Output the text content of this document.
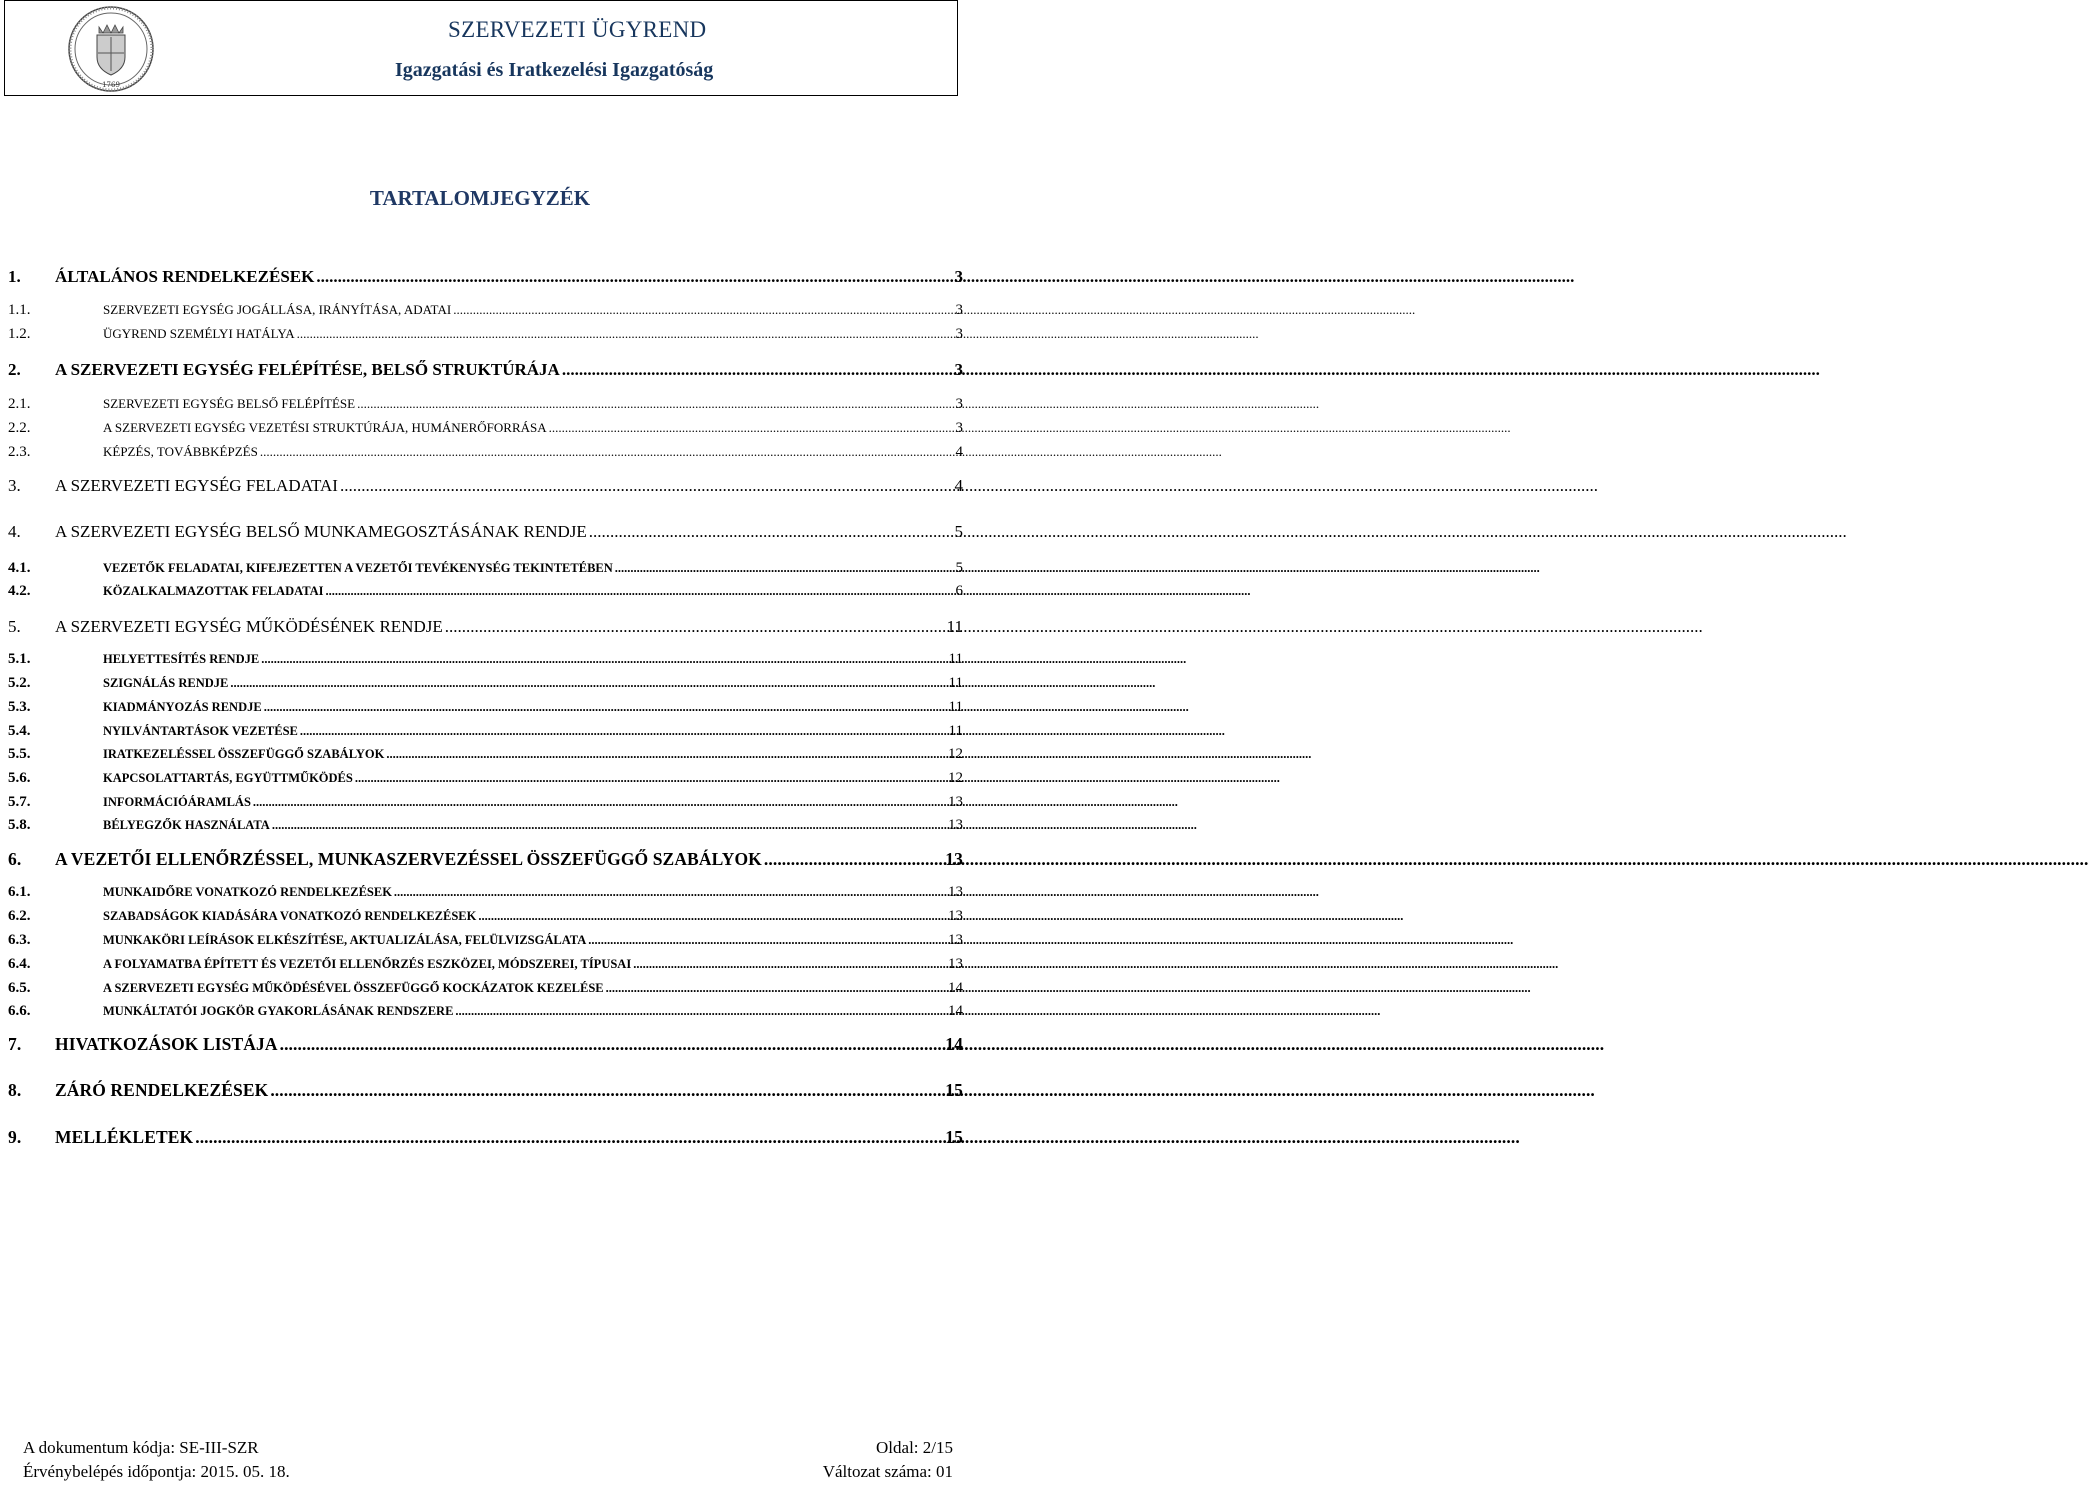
1769
SZERVEZETI ÜGYREND
Igazgatási és Iratkezelési Igazgatóság
TARTALOMJEGYZÉK
1.	ÁLTALÁNOS RENDELKEZÉSEK .....	3
1.1.	SZERVEZETI EGYSÉG JOGÁLLÁSA, IRÁNYÍTÁSA, ADATAI .....	3
1.2.	ÜGYREND SZEMÉLYI HATÁLYA .....	3
2.	A SZERVEZETI EGYSÉG FELÉPÍTÉSE, BELSŐ STRUKTÚRÁJA .....	3
2.1.	SZERVEZETI EGYSÉG BELSŐ FELÉPÍTÉSE .....	3
2.2.	A SZERVEZETI EGYSÉG VEZETÉSI STRUKTÚRÁJA, HUMÁNERŐFORRÁSA .....	3
2.3.	KÉPZÉS, TOVÁBBKÉPZÉS .....	4
3.	A SZERVEZETI EGYSÉG FELADATAI .....	4
4.	A SZERVEZETI EGYSÉG BELSŐ MUNKAMEGOSZTÁSÁNAK RENDJE .....	5
4.1.	VEZETŐK FELADATAI, KIFEJEZETTEN A VEZETŐI TEVÉKENYSÉG TEKINTETÉBEN .....	5
4.2.	KÖZALKALMAZOTTAK FELADATAI .....	6
5.	A SZERVEZETI EGYSÉG MŰKÖDÉSÉNEK RENDJE .....	11
5.1.	HELYETTESÍTÉS RENDJE .....	11
5.2.	SZIGNÁLÁS RENDJE .....	11
5.3.	KIADMÁNYOZÁS RENDJE .....	11
5.4.	NYILVÁNTARTÁSOK VEZETÉSE .....	11
5.5.	IRATKEZELÉSSEL ÖSSZEFÜGGŐ SZABÁLYOK .....	12
5.6.	KAPCSOLATTARTÁS, EGYÜTTMŰKÖDÉS .....	12
5.7.	INFORMÁCIÓÁRAMLÁS .....	13
5.8.	BÉLYEGZŐK HASZNÁLATA .....	13
6.	A VEZETŐI ELLENŐRZÉSSEL, MUNKASZERVEZÉSSEL ÖSSZEFÜGGŐ SZABÁLYOK .....	13
6.1.	MUNKAIDŐRE VONATKOZÓ RENDELKEZÉSEK .....	13
6.2.	SZABADSÁGOK KIADÁSÁRA VONATKOZÓ RENDELKEZÉSEK .....	13
6.3.	MUNKAKÖRI LEÍRÁSOK ELKÉSZÍTÉSE, AKTUALIZÁLÁSA, FELÜLVIZSGÁLATA .....	13
6.4.	A FOLYAMATBA ÉPÍTETT ÉS VEZETŐI ELLENŐRZÉS ESZKÖZEI, MÓDSZEREI, TÍPUSAI .....	13
6.5.	A SZERVEZETI EGYSÉG MŰKÖDÉSÉVEL ÖSSZEFÜGGŐ KOCKÁZATOK KEZELÉSE .....	14
6.6.	MUNKÁLTATÓI JOGKÖR GYAKORLÁSÁNAK RENDSZERE .....	14
7.	HIVATKOZÁSOK LISTÁJA .....	14
8.	ZÁRÓ RENDELKEZÉSEK .....	15
9.	MELLÉKLETEK .....	15
A dokumentum kódja: SE-III-SZR	Oldal: 2/15
Érvénybelépés időpontja: 2015. 05. 18.	Változat száma: 01
